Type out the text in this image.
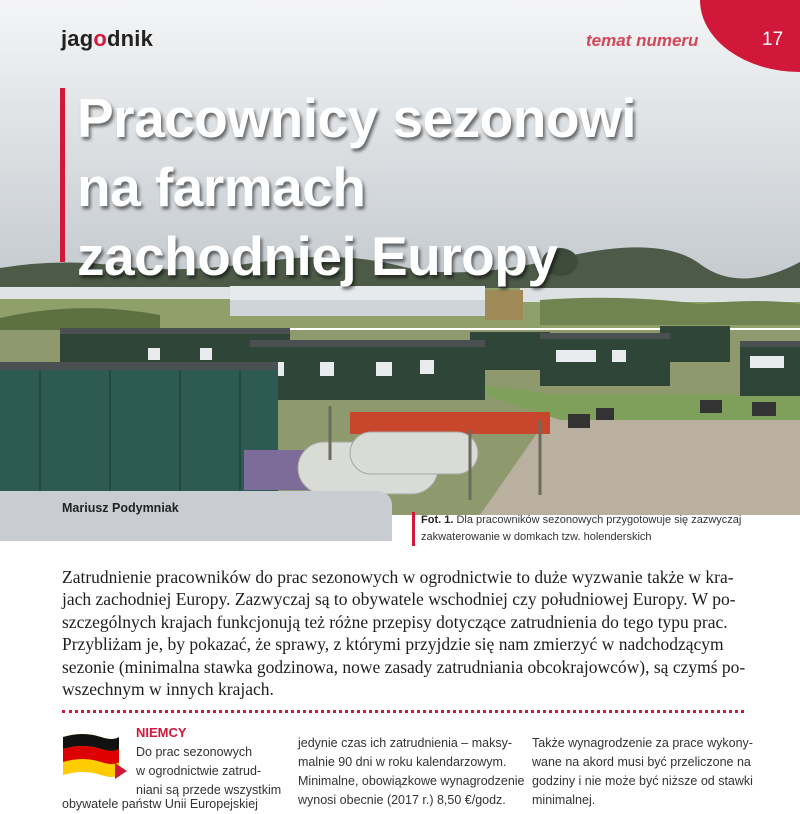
jagodnik	temat numeru	17
Pracownicy sezonowi
na farmach
zachodniej Europy
Mariusz Podymniak
Fot. 1. Dla pracowników sezonowych przygotowuje się zazwyczaj zakwaterowanie w domkach tzw. holenderskich

Zatrudnienie pracowników do prac sezonowych w ogrodnictwie to duże wyzwanie także w kra-
jach zachodniej Europy. Zazwyczaj są to obywatele wschodniej czy południowej Europy. W po-
szczególnych krajach funkcjonują też różne przepisy dotyczące zatrudnienia do tego typu prac.
Przybliżam je, by pokazać, że sprawy, z którymi przyjdzie się nam zmierzyć w nadchodzącym
sezonie (minimalna stawka godzinowa, nowe zasady zatrudniania obcokrajowców), są czymś po-
wszechnym w innych krajach.

NIEMCY
Do prac sezonowych
w ogrodnictwie zatrud-
niani są przede wszystkim
obywatele państw Unii Europejskiej
jedynie czas ich zatrudnienia – maksy-
malnie 90 dni w roku kalendarzowym.
Minimalne, obowiązkowe wynagrodzenie
wynosi obecnie (2017 r.) 8,50 €/godz.
Także wynagrodzenie za prace wykony-
wane na akord musi być przeliczone na
godziny i nie może być niższe od stawki
minimalnej.
